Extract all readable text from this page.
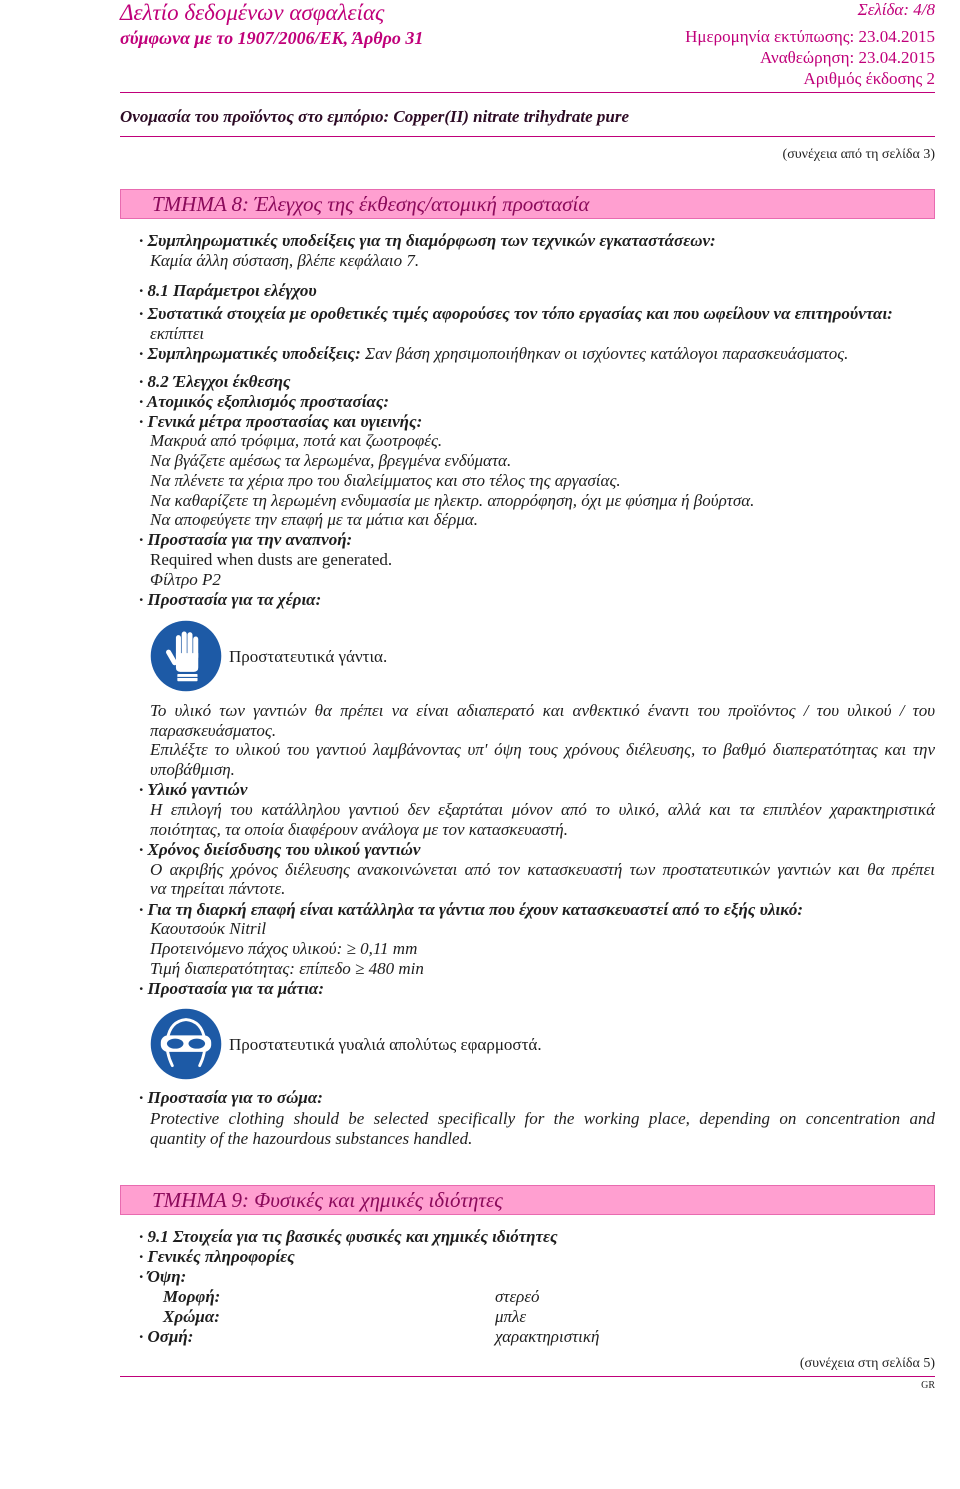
Δελτίο δεδομένων ασφαλείας
σύμφωνα με το 1907/2006/ΕΚ, Άρθρο 31
Σελίδα: 4/8
Ημερομηνία εκτύπωσης: 23.04.2015
Αναθεώρηση: 23.04.2015
Αριθμός έκδοσης 2
Ονομασία του προϊόντος στο εμπόριο: Copper(II) nitrate trihydrate pure
(συνέχεια από τη σελίδα 3)
ΤΜΗΜΑ 8: Έλεγχος της έκθεσης/ατομική προστασία
· Συμπληρωματικές υποδείξεις για τη διαμόρφωση των τεχνικών εγκαταστάσεων:
Καμία άλλη σύσταση, βλέπε κεφάλαιο 7.
· 8.1 Παράμετροι ελέγχου
· Συστατικά στοιχεία με οροθετικές τιμές αφορούσες τον τόπο εργασίας και που ωφείλουν να επιτηρούνται:
εκπίπτει
· Συμπληρωματικές υποδείξεις: Σαν βάση χρησιμοποιήθηκαν οι ισχύοντες κατάλογοι παρασκευάσματος.
· 8.2 Έλεγχοι έκθεσης
· Ατομικός εξοπλισμός προστασίας:
· Γενικά μέτρα προστασίας και υγιεινής:
Μακρυά από τρόφιμα, ποτά και ζωοτροφές.
Να βγάζετε αμέσως τα λερωμένα, βρεγμένα ενδύματα.
Να πλένετε τα χέρια προ του διαλείμματος και στο τέλος της αργασίας.
Να καθαρίζετε τη λερωμένη ενδυμασία με ηλεκτρ. απορρόφηση, όχι με φύσημα ή βούρτσα.
Να αποφεύγετε την επαφή με τα μάτια και δέρμα.
· Προστασία για την αναπνοή:
Required when dusts are generated.
Φίλτρο P2
· Προστασία για τα χέρια:
Προστατευτικά γάντια.
Το υλικό των γαντιών θα πρέπει να είναι αδιαπερατό και ανθεκτικό έναντι του προϊόντος / του υλικού / του
παρασκευάσματος.
Επιλέξτε το υλικού του γαντιού λαμβάνοντας υπ' όψη τους χρόνους διέλευσης, το βαθμό διαπερατότητας και την
υποβάθμιση.
· Υλικό γαντιών
Η επιλογή του κατάλληλου γαντιού δεν εξαρτάται μόνον από το υλικό, αλλά και τα επιπλέον χαρακτηριστικά
ποιότητας, τα οποία διαφέρουν ανάλογα με τον κατασκευαστή.
· Χρόνος διείσδυσης του υλικού γαντιών
Ο ακριβής χρόνος διέλευσης ανακοινώνεται από τον κατασκευαστή των προστατευτικών γαντιών και θα πρέπει
να τηρείται πάντοτε.
· Για τη διαρκή επαφή είναι κατάλληλα τα γάντια που έχουν κατασκευαστεί από το εξής υλικό:
Καουτσούκ Nitril
Προτεινόμενο πάχος υλικού: ≥ 0,11 mm
Τιμή διαπερατότητας: επίπεδο ≥ 480 min
· Προστασία για τα μάτια:
Προστατευτικά γυαλιά απολύτως εφαρμοστά.
· Προστασία για το σώμα:
Protective clothing should be selected specifically for the working place, depending on concentration and
quantity of the hazourdous substances handled.
ΤΜΗΜΑ 9: Φυσικές και χημικές ιδιότητες
· 9.1 Στοιχεία για τις βασικές φυσικές και χημικές ιδιότητες
· Γενικές πληροφορίες
· Όψη:
Μορφή:	στερεό
Χρώμα:	μπλε
· Οσμή:	χαρακτηριστική
(συνέχεια στη σελίδα 5)
GR
